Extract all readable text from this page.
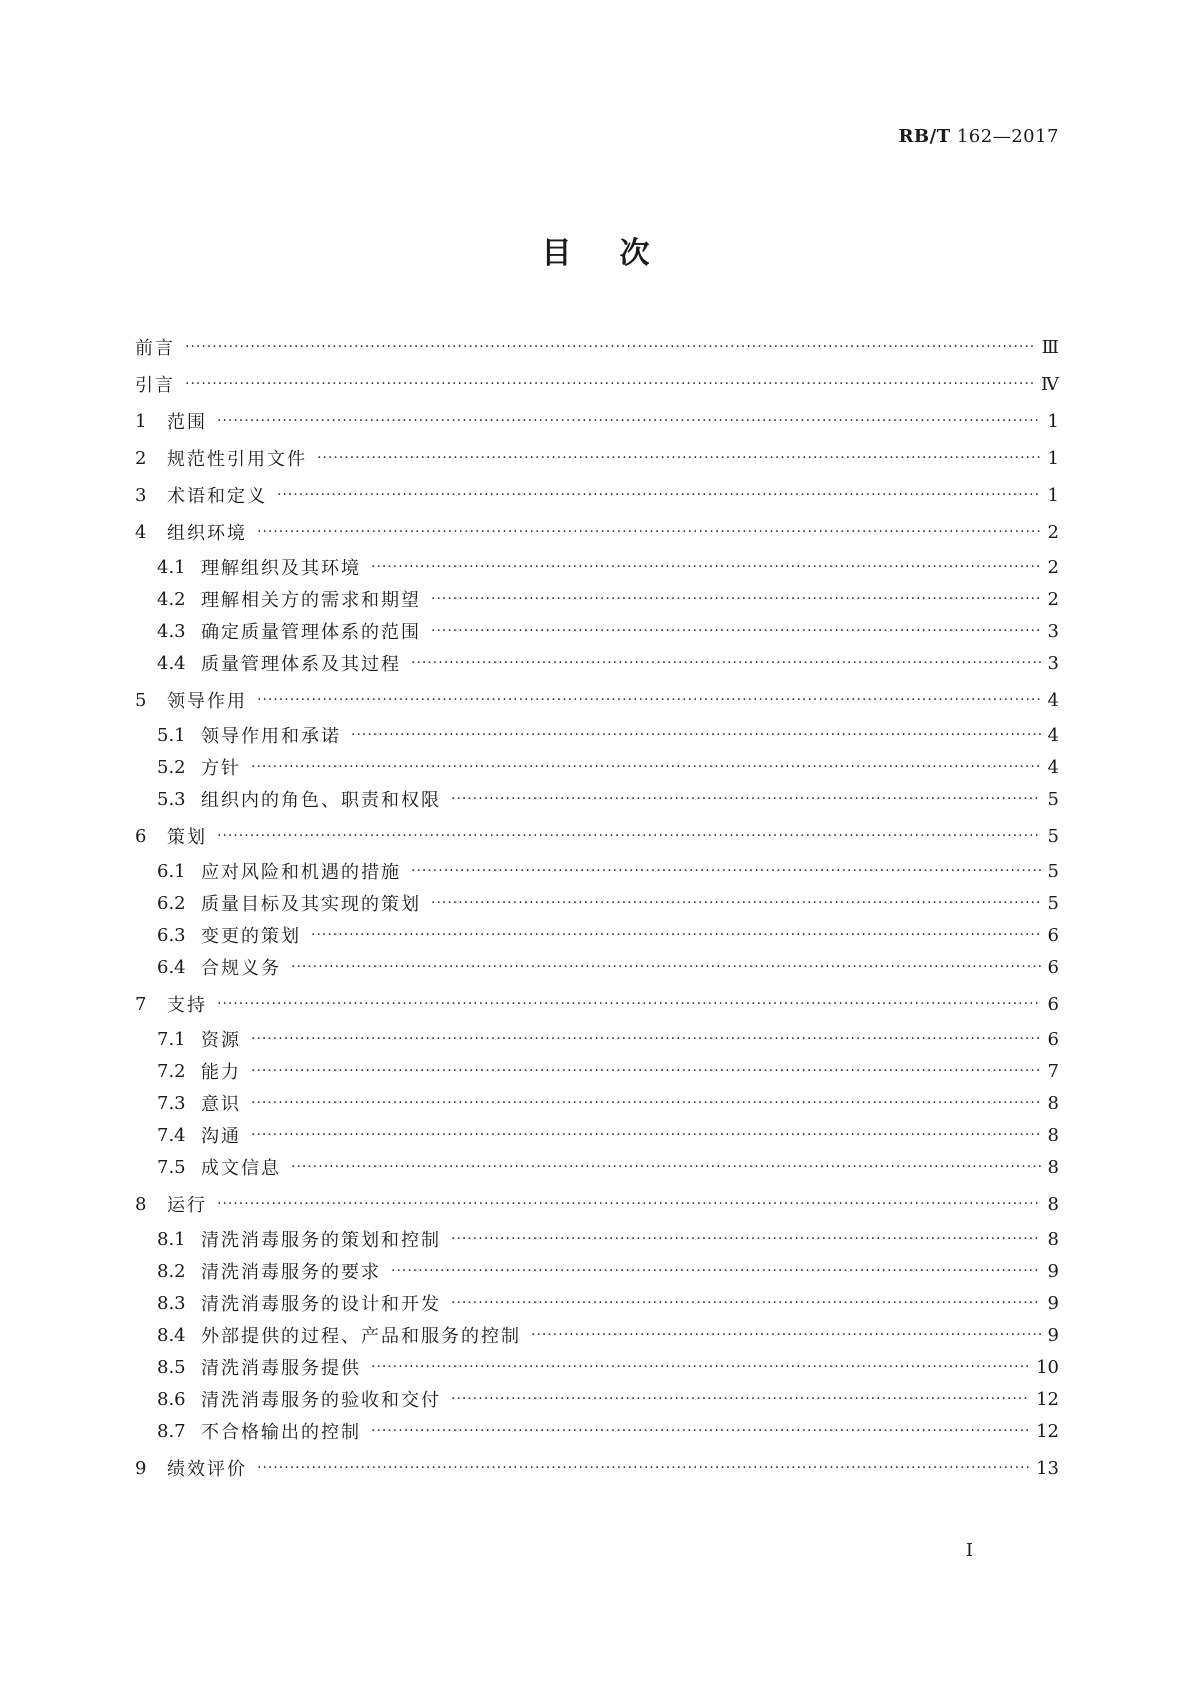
RB/T 162—2017
目次
前言 ·····	Ⅲ
引言 ·····	Ⅳ
1	范围 ·····	1
2	规范性引用文件 ·····	1
3	术语和定义 ·····	1
4	组织环境 ·····	2
4.1 理解组织及其环境 ·····	2
4.2 理解相关方的需求和期望 ·····	2
4.3 确定质量管理体系的范围 ·····	3
4.4 质量管理体系及其过程 ·····	3
5	领导作用 ·····	4
5.1 领导作用和承诺 ·····	4
5.2 方针 ·····	4
5.3 组织内的角色、职责和权限 ·····	5
6	策划 ·····	5
6.1 应对风险和机遇的措施 ·····	5
6.2 质量目标及其实现的策划 ·····	5
6.3 变更的策划 ·····	6
6.4 合规义务 ·····	6
7	支持 ·····	6
7.1 资源 ·····	6
7.2 能力 ·····	7
7.3 意识 ·····	8
7.4 沟通 ·····	8
7.5 成文信息 ·····	8
8	运行 ·····	8
8.1 清洗消毒服务的策划和控制 ·····	8
8.2 清洗消毒服务的要求 ·····	9
8.3 清洗消毒服务的设计和开发 ·····	9
8.4 外部提供的过程、产品和服务的控制 ·····	9
8.5 清洗消毒服务提供 ·····	10
8.6 清洗消毒服务的验收和交付 ·····	12
8.7 不合格输出的控制 ·····	12
9	绩效评价 ·····	13
Ⅰ
